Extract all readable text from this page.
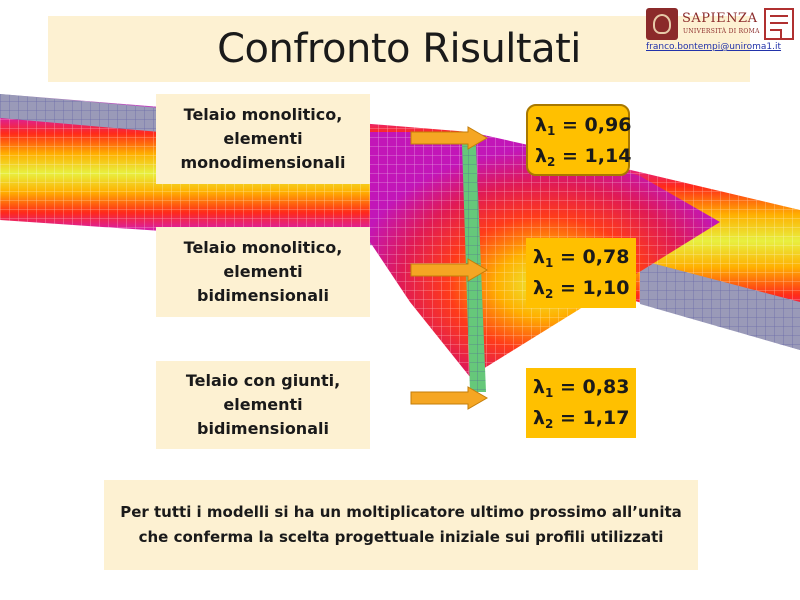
Confronto Risultati
SAPIENZA
UNIVERSITÀ DI ROMA
franco.bontempi@uniroma1.it
Telaio monolitico, elementi monodimensionali
Telaio monolitico, elementi bidimensionali
Telaio con giunti, elementi bidimensionali
$\lambda_1 = 0,96$
$\lambda_2 = 1,14$
$\lambda_1 = 0,78$
$\lambda_2 = 1,10$
$\lambda_1 = 0,83$
$\lambda_2 = 1,17$
Per tutti i modelli si ha un moltiplicatore ultimo prossimo all’unita che conferma la scelta progettuale iniziale sui profili utilizzati
